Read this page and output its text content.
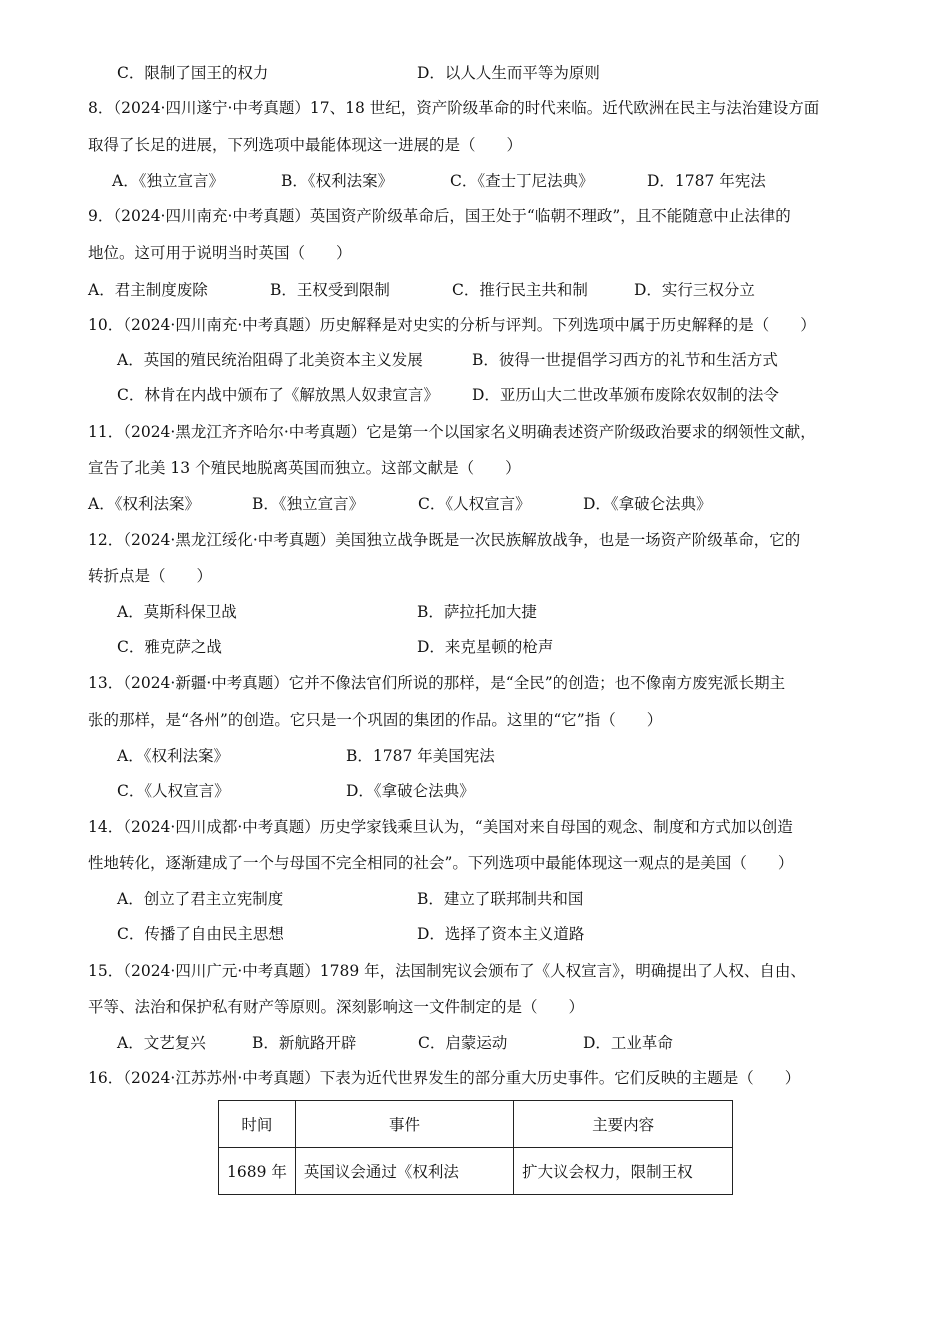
C．限制了国王的权力	D．以人人生而平等为原则
8．（2024·四川遂宁·中考真题）17、18 世纪，资产阶级革命的时代来临。近代欧洲在民主与法治建设方面
取得了长足的进展，下列选项中最能体现这一进展的是（　　）
A．《独立宣言》	B．《权利法案》	C．《查士丁尼法典》	D．1787 年宪法
9．（2024·四川南充·中考真题）英国资产阶级革命后，国王处于“临朝不理政”，且不能随意中止法律的
地位。这可用于说明当时英国（　　）
A．君主制度废除	B．王权受到限制	C．推行民主共和制	D．实行三权分立
10．（2024·四川南充·中考真题）历史解释是对史实的分析与评判。下列选项中属于历史解释的是（　　）
A．英国的殖民统治阻碍了北美资本主义发展	B．彼得一世提倡学习西方的礼节和生活方式
C．林肯在内战中颁布了《解放黑人奴隶宣言》 D．亚历山大二世改革颁布废除农奴制的法令
11．（2024·黑龙江齐齐哈尔·中考真题）它是第一个以国家名义明确表述资产阶级政治要求的纲领性文献，
宣告了北美 13 个殖民地脱离英国而独立。这部文献是（　　）
A．《权利法案》	B．《独立宣言》	C．《人权宣言》	D．《拿破仑法典》
12．（2024·黑龙江绥化·中考真题）美国独立战争既是一次民族解放战争，也是一场资产阶级革命，它的
转折点是（　　）
A．莫斯科保卫战	B．萨拉托加大捷
C．雅克萨之战	D．来克星顿的枪声
13．（2024·新疆·中考真题）它并不像法官们所说的那样，是“全民”的创造；也不像南方废宪派长期主
张的那样，是“各州”的创造。它只是一个巩固的集团的作品。这里的“它”指（　　）
A．《权利法案》	B．1787 年美国宪法
C．《人权宣言》	D．《拿破仑法典》
14．（2024·四川成都·中考真题）历史学家钱乘旦认为，“美国对来自母国的观念、制度和方式加以创造
性地转化，逐渐建成了一个与母国不完全相同的社会”。下列选项中最能体现这一观点的是美国（　　）
A．创立了君主立宪制度	B．建立了联邦制共和国
C．传播了自由民主思想	D．选择了资本主义道路
15．（2024·四川广元·中考真题）1789 年，法国制宪议会颁布了《人权宣言》，明确提出了人权、自由、
平等、法治和保护私有财产等原则。深刻影响这一文件制定的是（　　）
A．文艺复兴	B．新航路开辟	C．启蒙运动	D．工业革命
16．（2024·江苏苏州·中考真题）下表为近代世界发生的部分重大历史事件。它们反映的主题是（　　）
时间	事件	主要内容
1689 年	英国议会通过《权利法	扩大议会权力，限制王权
